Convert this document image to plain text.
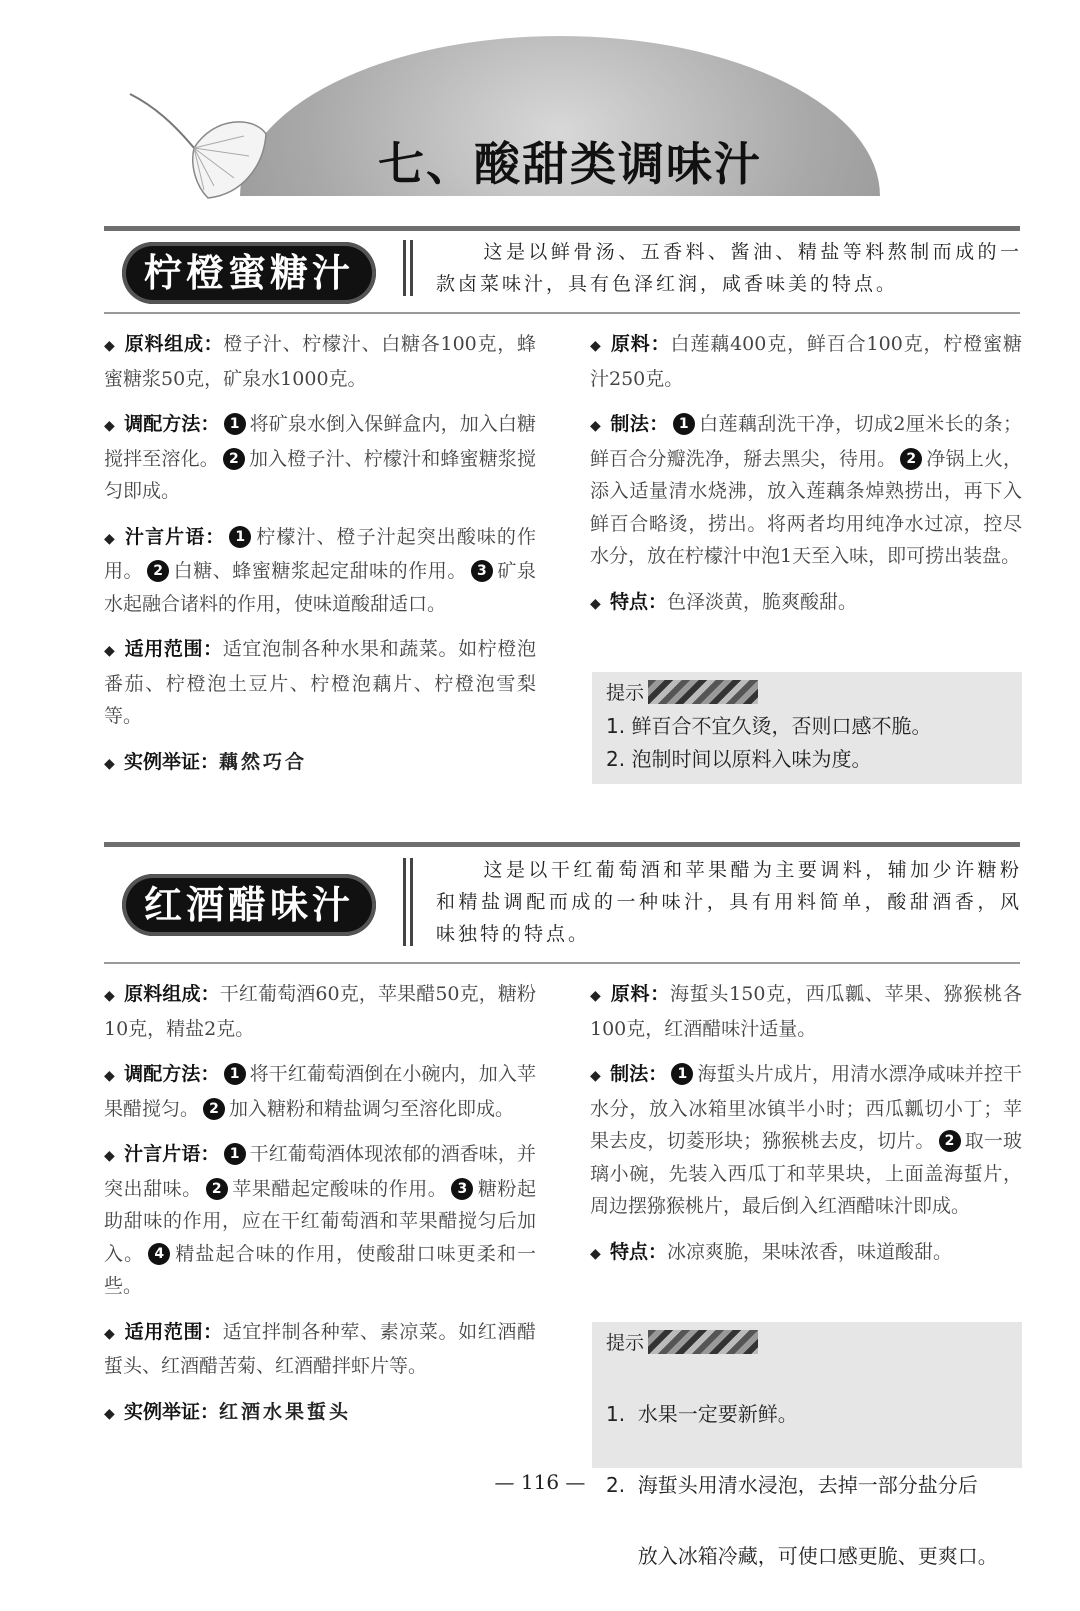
七、酸甜类调味汁
柠橙蜜糖汁	这是以鲜骨汤、五香料、酱油、精盐等料熬制而成的一款卤菜味汁，具有色泽红润，咸香味美的特点。

◆ 原料组成：橙子汁、柠檬汁、白糖各100克，蜂蜜糖浆50克，矿泉水1000克。

◆ 调配方法： 1 将矿泉水倒入保鲜盒内，加入白糖搅拌至溶化。 2 加入橙子汁、柠檬汁和蜂蜜糖浆搅匀即成。

◆ 汁言片语： 1 柠檬汁、橙子汁起突出酸味的作用。 2 白糖、蜂蜜糖浆起定甜味的作用。 3 矿泉水起融合诸料的作用，使味道酸甜适口。

◆ 适用范围：适宜泡制各种水果和蔬菜。如柠橙泡番茄、柠橙泡土豆片、柠橙泡藕片、柠橙泡雪梨等。

◆ 实例举证：藕然巧合

◆ 原料：白莲藕400克，鲜百合100克，柠橙蜜糖汁250克。

◆ 制法： 1 白莲藕刮洗干净，切成2厘米长的条；鲜百合分瓣洗净，掰去黑尖，待用。 2 净锅上火，添入适量清水烧沸，放入莲藕条焯熟捞出，再下入鲜百合略烫，捞出。将两者均用纯净水过凉，控尽水分，放在柠檬汁中泡1天至入味，即可捞出装盘。

◆ 特点：色泽淡黄，脆爽酸甜。

提示
1. 鲜百合不宜久烫，否则口感不脆。
2. 泡制时间以原料入味为度。
红酒醋味汁
这是以干红葡萄酒和苹果醋为主要调料，辅加少许糖粉和精盐调配而成的一种味汁，具有用料简单，酸甜酒香，风味独特的特点。

◆ 原料组成：干红葡萄酒60克，苹果醋50克，糖粉10克，精盐2克。

◆ 调配方法： 1 将干红葡萄酒倒在小碗内，加入苹果醋搅匀。 2 加入糖粉和精盐调匀至溶化即成。

◆ 汁言片语： 1 干红葡萄酒体现浓郁的酒香味，并突出甜味。 2 苹果醋起定酸味的作用。 3 糖粉起助甜味的作用，应在干红葡萄酒和苹果醋搅匀后加入。 4 精盐起合味的作用，使酸甜口味更柔和一些。

◆ 适用范围：适宜拌制各种荤、素凉菜。如红酒醋蜇头、红酒醋苦菊、红酒醋拌虾片等。

◆ 实例举证：红酒水果蜇头

◆ 原料：海蜇头150克，西瓜瓤、苹果、猕猴桃各100克，红酒醋味汁适量。

◆ 制法： 1 海蜇头片成片，用清水漂净咸味并控干水分，放入冰箱里冰镇半小时；西瓜瓤切小丁；苹果去皮，切菱形块；猕猴桃去皮，切片。 2 取一玻璃小碗，先装入西瓜丁和苹果块，上面盖海蜇片，周边摆猕猴桃片，最后倒入红酒醋味汁即成。

◆ 特点：冰凉爽脆，果味浓香，味道酸甜。

提示

1.  水果一定要新鲜。

2.  海蜇头用清水浸泡，去掉一部分盐分后

放入冰箱冷藏，可使口感更脆、更爽口。

— 116 —
